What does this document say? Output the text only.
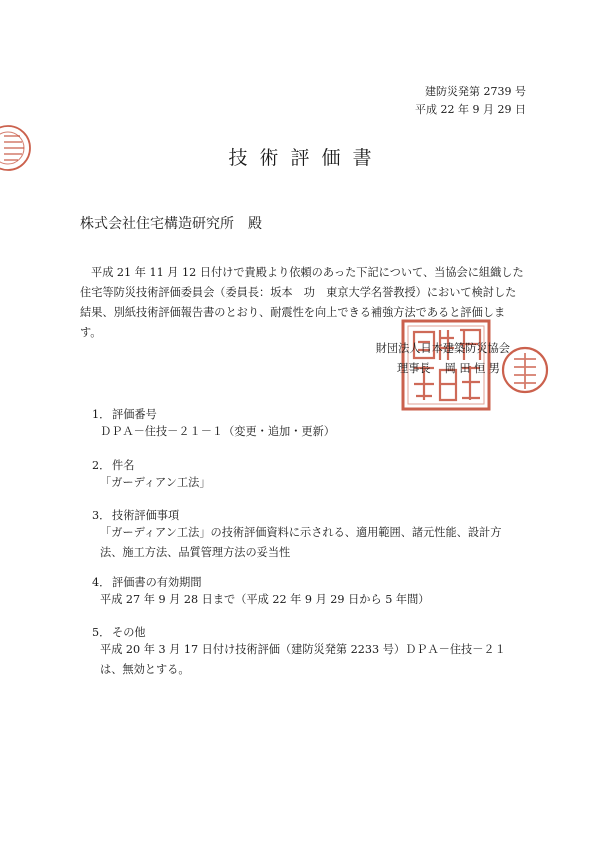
建防災発第 2739 号
平成 22 年 9 月 29 日
技術評価書
株式会社住宅構造研究所 殿
平成 21 年 11 月 12 日付けで貴殿より依頼のあった下記について、当協会に組織した住宅等防災技術評価委員会（委員長：坂本　功　東京大学名誉教授）において検討した結果、別紙技術評価報告書のとおり、耐震性を向上できる補強方法であると評価します。
財団法人日本建築防災協会
理事長 岡 田 恒 男
1． 評価番号
ＤＰＡ－住技－２１－１（変更・追加・更新）
2． 件名
「ガーディアン工法」
3． 技術評価事項
「ガーディアン工法」の技術評価資料に示される、適用範囲、諸元性能、設計方法、施工方法、品質管理方法の妥当性
4． 評価書の有効期間
平成 27 年 9 月 28 日まで（平成 22 年 9 月 29 日から 5 年間）
5． その他
平成 20 年 3 月 17 日付け技術評価（建防災発第 2233 号）ＤＰＡ－住技－２１は、無効とする。
